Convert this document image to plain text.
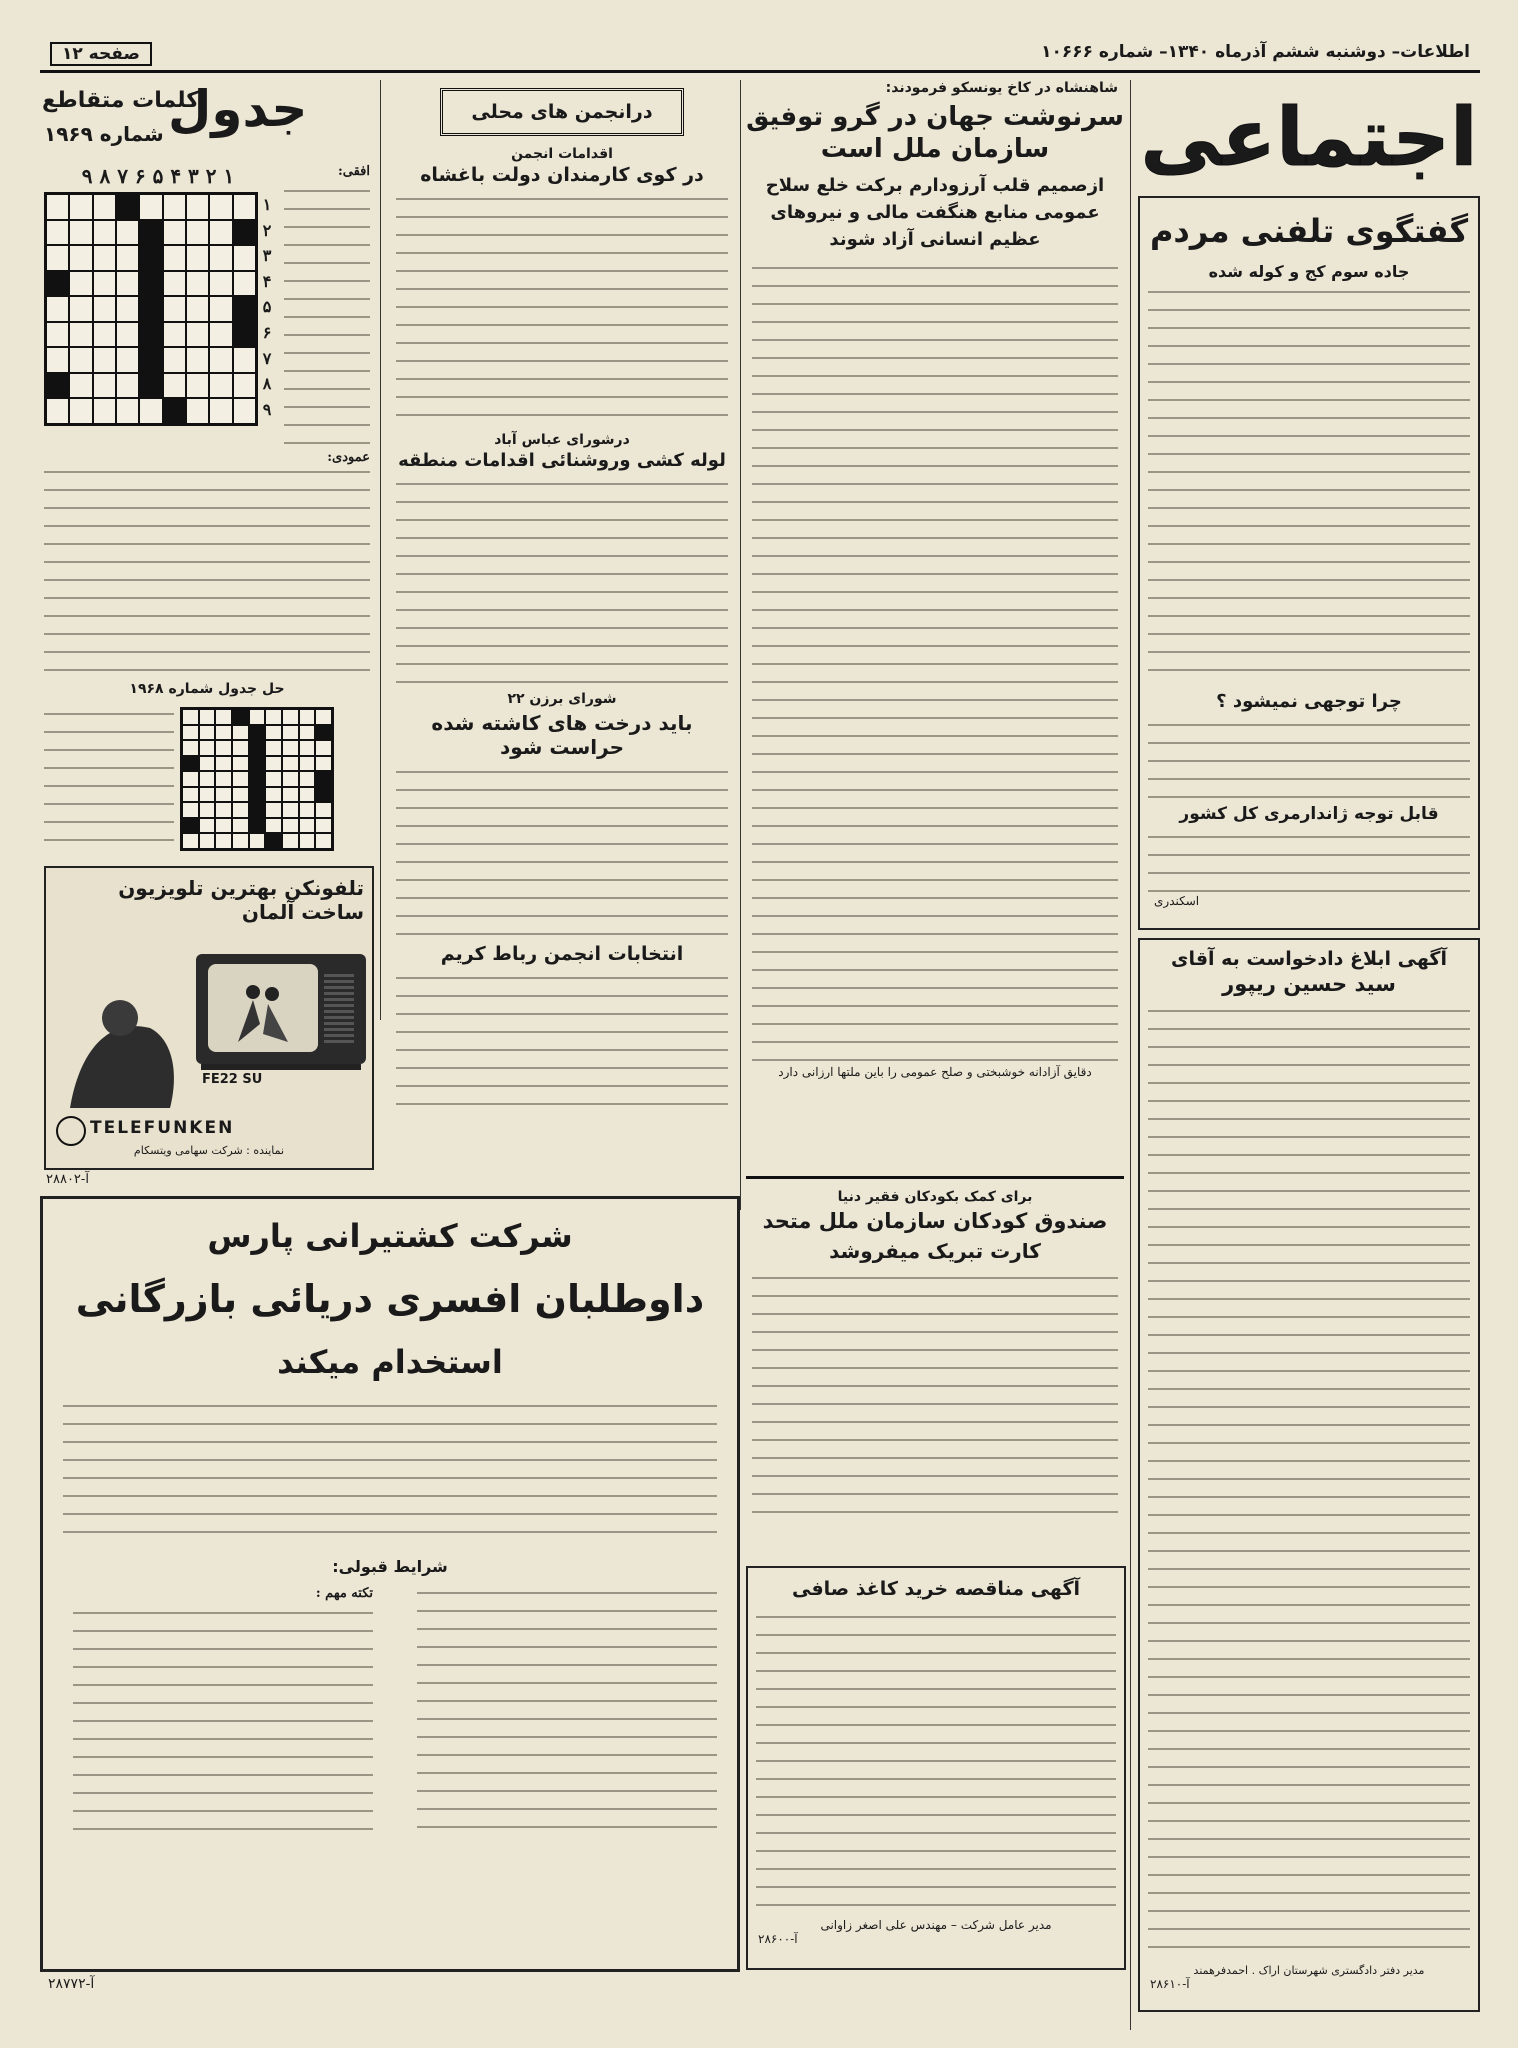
اطلاعات– دوشنبه ششم آذرماه ۱۳۴۰– شماره ۱۰۶۶۶
صفحه ۱۲
اجتماعی
گفتگوی تلفنی مردم
جاده سوم کج و کوله شده
چرا توجهی نمیشود ؟
قابل توجه ژاندارمری کل کشور
اسکندری
آگهی ابلاغ دادخواست به آقای
سید حسین ریپور
مدیر دفتر دادگستری شهرستان اراک . احمدفرهمند
آ-۲۸۶۱۰
شاهنشاه در کاخ یونسکو فرمودند:
سرنوشت جهان در گرو توفیق
سازمان ملل است
ازصمیم قلب آرزودارم برکت خلع سلاح عمومی منابع هنگفت مالی و نیروهای عظیم انسانی آزاد شوند
دقایق آزادانه خوشبختی و صلح عمومی را باین ملتها ارزانی دارد
درانجمن های محلی
اقدامات انجمن
در کوی کارمندان دولت باغشاه
درشورای عباس آباد
لوله کشی وروشنائی اقدامات منطقه
شورای برزن ۲۲
باید درخت های کاشته شده
حراست شود
انتخابات انجمن رباط کریم
جدول
کلمات متقاطع
شماره ۱۹۶۹
۹ ۸ ۷ ۶ ۵ ۴ ۳ ۲ ۱
۱
۲
۳
۴
۵
۶
۷
۸
۹
افقی:
عمودی:
حل جدول شماره ۱۹۶۸
تلفونکن بهترین تلویزیون ساخت آلمان
FE22 SU
TELEFUNKEN
نماینده : شرکت سهامی ویتسکام
آ-۲۸۸۰۲
شرکت کشتیرانی پارس
داوطلبان افسری دریائی بازرگانی
استخدام میکند
شرایط قبولی:
تکته مهم :
آ-۲۸۷۷۲
برای کمک بکودکان فقیر دنیا
صندوق کودکان سازمان ملل متحد
کارت تبریک میفروشد
آگهی مناقصه خرید کاغذ صافی
مدیر عامل شرکت – مهندس علی اصغر زاوانی
آ-۲۸۶۰۰
